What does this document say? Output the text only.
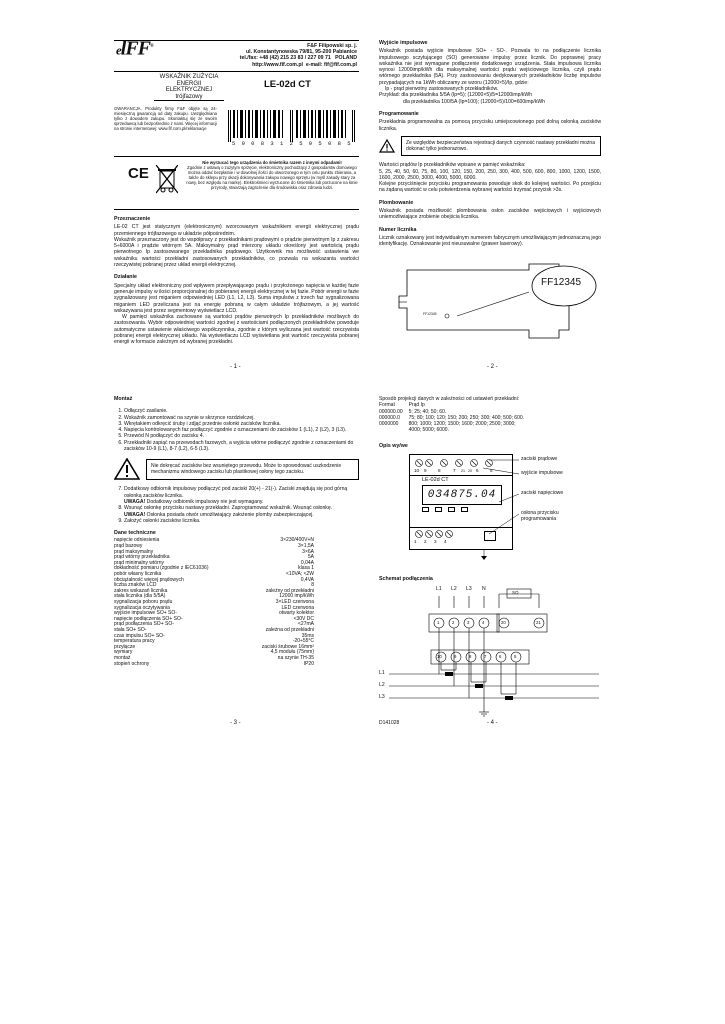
elFF®	F&F Filipowski sp. j.
ul. Konstantynowska 79/81, 95-200 Pabianice
tel./fax: +48 (42) 215 23 83 / 227 09 71 POLAND
http://www.fif.com.pl e-mail: fif@fif.com.pl
WSKAŹNIK ZUŻYCIA
ENERGII ELEKTRYCZNEJ
trójfazowy
LE-02d CT
GWARANCJA. Produkty firmy F&F objęte są 24-miesięczną gwarancją od daty zakupu. Uwzględniana tylko z dowodem zakupu. Skontaktuj się ze swoim sprzedawcą lub bezpośrednio z nami. Więcej informacji na stronie internetowej: www.fif.com.pl/reklamacje
5 9 0 8 3 1 2 5 9 5 0 8 5
CE
Nie wyrzucać tego urządzenia do śmietnika razem z innymi odpadami!
Zgodnie z ustawą o zużytym sprzęcie, elektroniczny pochodzący z gospodarstw domowego można oddać bezpłatnie i w dowolnej ilości do utworzonego w tym celu punktu zbierania, a także do sklepu przy okazji dokonywania zakupu nowego sprzętu (w myśl zasady stary za nowy, bez względu na markę). Elektrośmieci wyrzucone do śmietnika lub porzucone na łonie przyrody, stwarzają zagrożenie dla środowiska oraz zdrowia ludzi.
Przeznaczenie
LE-02 CT jest statycznym (elektronicznym) wzorcowanym wskaźnikiem energii elektrycznej prądu przemiennego trójfazowego w układzie półpośrednim.
Wskaźnik przeznaczony jest do współpracy z przekładnikami prądowymi o prądzie pierwotnym Ip z zakresu 5÷6000A i prądzie wtórnym 5A. Maksymalny prąd mierzony układu określony jest wartością prądu pierwotnego Ip zastosowanego przekładnika prądowego. Użytkownik ma możliwość ustawienia we wskaźniku wartości przekładni zastosowanych przekładników, co pozwala na wskazania wartości rzeczywistej pobranej przez układ energii elektrycznej.
Działanie
Specjalny układ elektroniczny pod wpływem przepływającego prądu i przyłożonego napięcia w każdej fazie generuje impulsy w ilości proporcjonalnej do pobieranej energii elektrycznej w tej fazie. Pobór energii w fazie sygnalizowany jest miganiem odpowiedniej LED (L1, L2, L3). Suma impulsów z trzech faz sygnalizowana miganiem LED przeliczana jest na energię pobraną w całym układzie trójfazowym, a jej wartość wskazywana jest przez segmentowy wyświetlacz LCD.
W pamięci wskaźnika zachowane są wartości prądów pierwotnych Ip przekładników możliwych do zastosowania. Wybór odpowiedniej wartości zgodnej z wartościami podłączonych przekładników powoduje automatyczne ustawienie właściwego współczynnika, zgodnie z którym wyliczana jest wartość rzeczywista pobranej energii elektrycznej układu. Na wyświetlaczu LCD wyświetlana jest wartość rzeczywista pobranej energii w formacie zależnym od wybranej przekładni.
- 1 -
Wyjście impulsowe
Wskaźnik posiada wyjście impulsowe SO+ - SO-. Pozwala to na podłączenie licznika impulsowego sczytującego (SO) generowane impulsy przez licznik. Do poprawnej pracy wskaźnika nie jest wymagane podłączenie dodatkowego urządzenia. Stała impulsowa licznika wynosi 12000imp/kWh dla maksymalnej wartości prądu wejściowego licznika, czyli prądu wtórnego przekładnika (5A). Przy zastosowaniu dedykowanych przekładników liczbę impulsów przypadających na 1kWh obliczamy ze wzoru (12000×5)/Ip, gdzie:
Ip - prąd pierwotny zastosowanych przekładników.
Przykład: dla przekładnika 5/5A (Ip=5); (12000×5)/5=12000imp/kWh
dla przekładnika 100/5A (Ip=100); (12000×5)/100=600imp/kWh
Programowanie
Przekładnia programowalna za pomocą przycisku umiejscowionego pod dolną osłonką zacisków licznika.
Ze względów bezpieczeństwa rejestracji danych czynność nastawy przekładni można dokonać tylko jednorazowo.
Wartości prądów Ip przekładników wpisane w pamięć wskaźnika:
5, 25, 40, 50, 60, 75, 80, 100, 120, 150, 200, 250, 300, 400, 500, 600, 800, 1000, 1200, 1500, 1600, 2000, 2500, 3000, 4000, 5000, 6000.
Kolejne przyciśnięcie przycisku programowania powoduje skok do kolejnej wartości. Po przejściu na żądaną wartość w celu potwierdzenia wybranej wartości trzymać przycisk >3s.
Plombowanie
Wskaźnik posiada możliwość plombowania osłon zacisków wejściowych i wyjściowych uniemożliwiające zrobienie obejścia licznika.
Numer licznika
Licznik oznakowany jest indywidualnym numerem fabrycznym umożliwiającym jednoznaczną jego identyfikację. Oznakowanie jest nieusuwalne (grawer laserowy).
FF12345
FF12345
- 2 -
Montaż
1. Odłączyć zasilanie.
2. Wskaźnik zamontować na szynie w skrzynce rozdzielczej.
3. Wkrętakiem odkręcić śruby i zdjąć przednie osłonki zacisków licznika.
4. Napięcia kontrolowanych faz podłączyć zgodnie z oznaczeniami do zacisków 1 (L1), 2 (L2), 3 (L3).
5. Przewód N podłączyć do zacisku 4.
6. Przekładniki zapiąć na przewodach fazowych, a wyjścia wtórne podłączyć zgodnie z oznaczeniami do zacisków 10-9 (L1), 8-7 (L2), 6-5 (L3).
Nie dokręcać zacisków bez wsuniętego przewodu. Może to spowodować uszkodzenie mechanizmu windowego zacisku lub plastikowej osłony tego zacisku.
7. Dodatkowy odbiornik impulsowy podłączyć pod zaciski 20(+) - 21(-). Zaciski znajdują się pod górną osłonką zacisków licznika.
UWAGA! Dodatkowy odbiornik impulsowy nie jest wymagany.
8. Wsunąć osłonkę przycisku nastawy przekładni. Zaprogramować wskaźnik. Wsunąć osłonkę.
UWAGA! Osłonka posiada otwór umożliwiający założenie plomby zabezpieczającej.
9. Założyć osłonki zacisków licznika.
Dane techniczne
napięcie odniesienia	3×230/400V+N
prąd bazowy	3×1,5A
prąd maksymalny	3×6A
prąd wtórny przekładnika	5A
prąd minimalny wtórny	0,04A
dokładność pomiaru (zgodnie z IEC61036)	klasa 1
pobór własny licznika	<10VA; <2W
obciążalność więcej prądowych	0,4VA
liczba znaków LCD	8
zakres wskazań licznika	zależny od przekładni
stała licznika (dla 5/5A)	12000 imp/kWh
sygnalizacja poboru prądu	3×LED czerwona
sygnalizacja oczytywania	LED czerwona
wyjście impulsowe SO+ SO-	otwarty kolektor
napięcie podłączenia SO+ SO-	<30V DC
prąd podłączenia SO+ SO-	<27mA
stała SO+ SO-	zależna od przekładni
czas impulsu SO+ SO-	35ms
temperatura pracy	-20÷55°C
przyłącze	zaciski śrubowe 16mm²
wymiary	4,5 modułu (75mm)
montaż	na szynie TH-35
stopień ochrony	IP20
- 3 -
Sposób projekcji danych w zależności od ustawień przekładni:
Format	Prąd Ip
000000.00	5; 25; 40; 50; 60.
000000.0	75; 80; 100; 120; 150; 200; 250; 300; 400; 500; 600.
0000000	800; 1000; 1200; 1500; 1600; 2000; 2500; 3000; 4000; 5000; 6000.
Opis wy/we
10	9	8	7	21 20 6	5
LE-02d CT
034875.04
1	2	3	4
zaciski prądowe
wyjście impulsowe
zaciski napięciowe
osłona przycisku
programowania
Schemat podłączenia
L1 L2 L3 N
SO
1	2	3	4	20	21
10	9	8	7	6	5
L1
L2
L3
D141028	- 4 -
